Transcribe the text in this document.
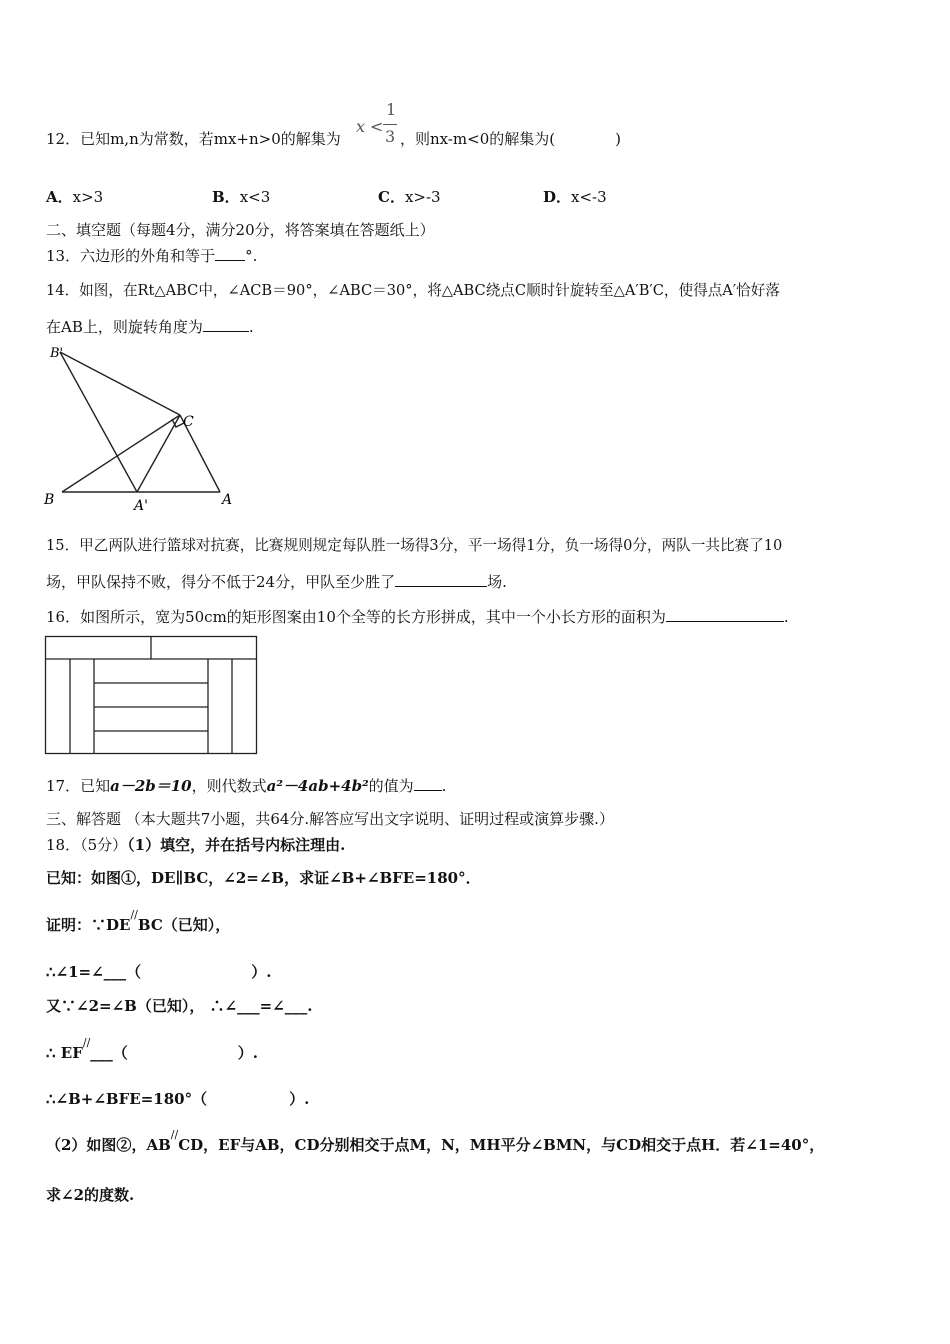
12．已知m,n为常数，若mx+n>0的解集为
x <
1
3 ，则nx-m<0的解集为(	)
A．x>3	B．x<3	C．x>-3	D．x<-3
二、填空题（每题4分，满分20分，将答案填在答题纸上）
13．六边形的外角和等于 °.
14．如图，在Rt△ABC中，∠ACB＝90°，∠ABC＝30°，将△ABC绕点C顺时针旋转至△A′B′C，使得点A′恰好落
在AB上，则旋转角度为	.
B'
C
B	A'	A
15．甲乙两队进行篮球对抗赛，比赛规则规定每队胜一场得3分，平一场得1分，负一场得0分，两队一共比赛了10
场，甲队保持不败，得分不低于24分，甲队至少胜了	场.
16．如图所示，宽为50cm的矩形图案由10个全等的长方形拼成，其中一个小长方形的面积为	.
17．已知a－2b＝10，则代数式a²－4ab+4b²的值为 .
三、解答题 （本大题共7小题，共64分.解答应写出文字说明、证明过程或演算步骤.）
18．（5分）（1）填空，并在括号内标注理由.
已知：如图①，DE∥BC，∠2=∠B，求证∠B+∠BFE=180°．
证明：∵DE//BC（已知），
∴∠1=∠___（	）.
又∵∠2=∠B（已知）， ∴∠___=∠___.
∴ EF//___（	）.
∴∠B+∠BFE=180°（	）.
（2）如图②，AB//CD，EF与AB，CD分别相交于点M，N，MH平分∠BMN，与CD相交于点H．若∠1=40°，
求∠2的度数.
